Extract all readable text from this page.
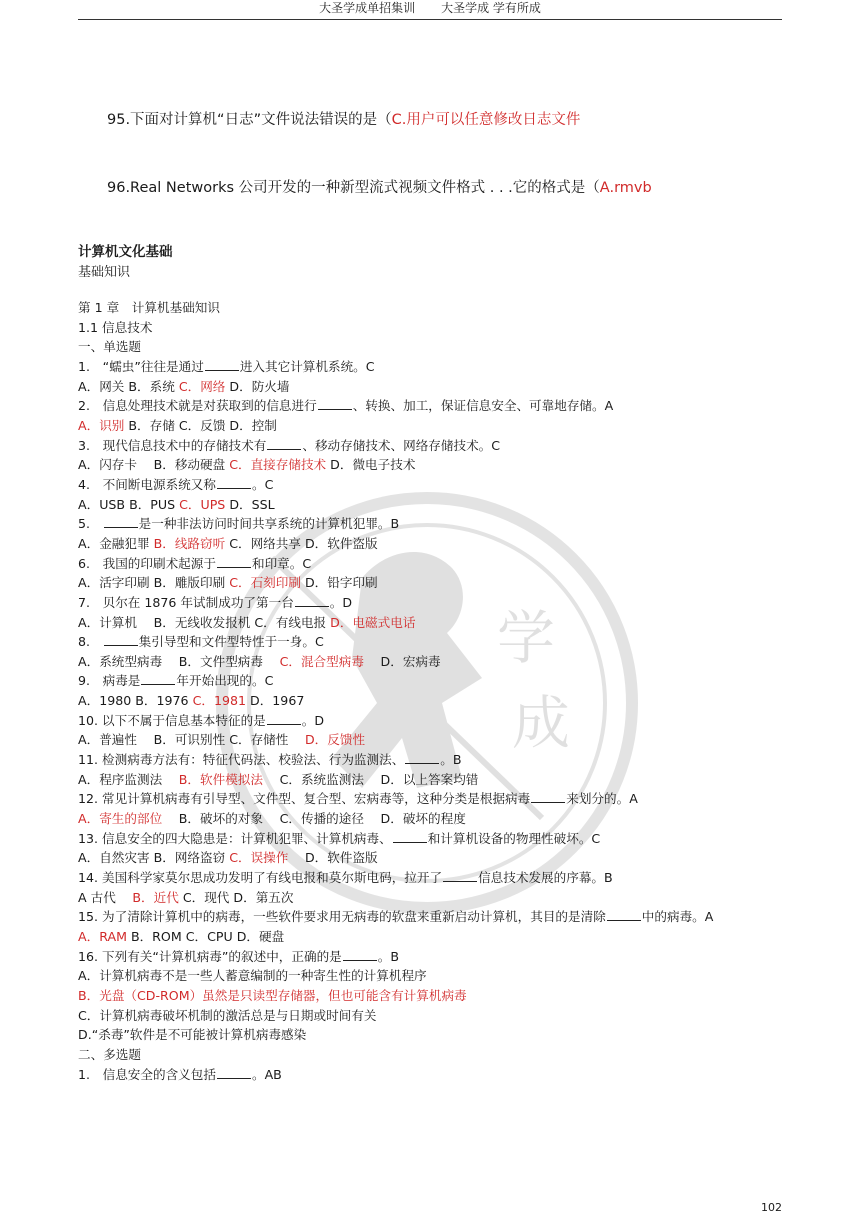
大圣学成单招集训 大圣学成 学有所成
95.下面对计算机“日志”文件说法错误的是（C.用户可以任意修改日志文件
96.Real Networks 公司开发的一种新型流式视频文件格式 . . .它的格式是（A.rmvb
计算机文化基础
基础知识
学
成
第 1 章　计算机基础知识
1.1 信息技术
一、单选题
1.　“蠕虫”往往是通过	进入其它计算机系统。C
A．网关 B．系统 C．网络 D．防火墙
2.　信息处理技术就是对获取到的信息进行	、转换、加工，保证信息安全、可靠地存储。A
A．识别 B．存储 C．反馈 D．控制
3.　现代信息技术中的存储技术有	、移动存储技术、网络存储技术。C
A．闪存卡　 B．移动硬盘 C．直接存储技术 D．微电子技术
4.　不间断电源系统又称	。C
A．USB B．PUS C．UPS D．SSL
5.　	是一种非法访问时间共享系统的计算机犯罪。B
A．金融犯罪 B．线路窃听 C．网络共享 D．软件盗版
6.　我国的印刷术起源于	和印章。C
A．活字印刷 B．雕版印刷 C．石刻印刷 D．铅字印刷
7.　贝尔在 1876 年试制成功了第一台	。D
A．计算机　 B．无线收发报机 C．有线电报 D．电磁式电话
8.　	集引导型和文件型特性于一身。C
A．系统型病毒　 B．文件型病毒　 C．混合型病毒　 D．宏病毒
9.　病毒是	年开始出现的。C
A．1980 B．1976 C．1981 D．1967
10. 以下不属于信息基本特征的是	。D
A．普遍性　 B．可识别性 C．存储性　 D．反馈性
11. 检测病毒方法有：特征代码法、校验法、行为监测法、	。B
A．程序监测法　 B．软件模拟法　 C．系统监测法　 D．以上答案均错
12. 常见计算机病毒有引导型、文件型、复合型、宏病毒等，这种分类是根据病毒	来划分的。A
A．寄生的部位　 B．破坏的对象　 C．传播的途径　 D．破坏的程度
13. 信息安全的四大隐患是：计算机犯罪、计算机病毒、	和计算机设备的物理性破坏。C
A．自然灾害 B．网络盗窃 C．误操作　 D．软件盗版
14. 美国科学家莫尔思成功发明了有线电报和莫尔斯电码，拉开了	信息技术发展的序幕。B
A 古代　 B．近代 C．现代 D．第五次
15. 为了清除计算机中的病毒，一些软件要求用无病毒的软盘来重新启动计算机，其目的是清除	中的病毒。A
A．RAM B．ROM C．CPU D．硬盘
16. 下列有关“计算机病毒”的叙述中，正确的是	。B
A．计算机病毒不是一些人蓄意编制的一种寄生性的计算机程序
B．光盘（CD-ROM）虽然是只读型存储器，但也可能含有计算机病毒
C．计算机病毒破坏机制的激活总是与日期或时间有关
D.“杀毒”软件是不可能被计算机病毒感染
二、多选题
1.　信息安全的含义包括	。AB
102
